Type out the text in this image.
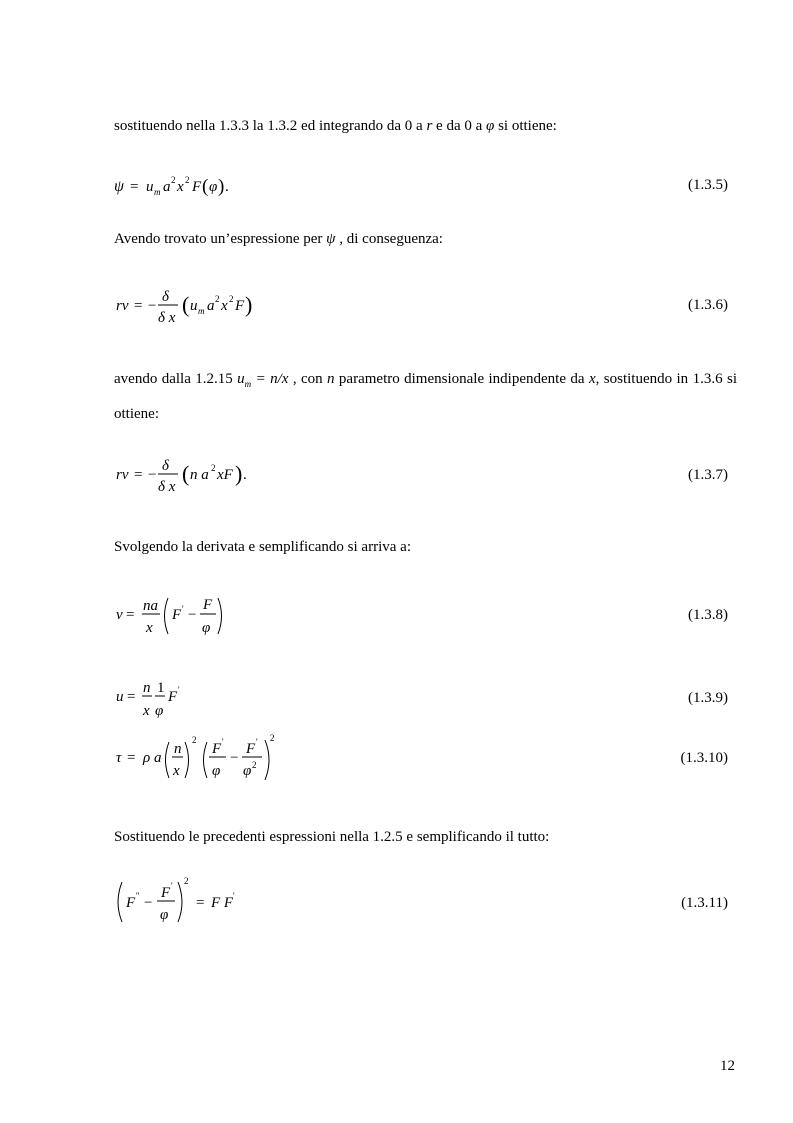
sostituendo nella 1.3.3 la 1.3.2 ed integrando da 0 a r e da 0 a φ si ottiene:
ψ = u m a 2 x 2 F ( φ ) .	(1.3.5)
Avendo trovato un’espressione per ψ , di conseguenza:
rv = −
δ
δ x
( u m a 2 x 2 F )	(1.3.6)
avendo dalla 1.2.15 $u_m = n/x$ , con n parametro dimensionale indipendente da x, sostituendo in 1.3.6 si ottiene:
rv = −
δ
δ x
( n a 2 xF ) .	(1.3.7)
Svolgendo la derivata e semplificando si arriva a:
v =
na
x
F ' −
F
φ
(1.3.8)
u =
n
x
1
φ
F '	(1.3.9)
τ = ρ a
n
x
2
F '
φ
−
F '
φ 2
2
(1.3.10)
Sostituendo le precedenti espressioni nella 1.2.5 e semplificando il tutto:
F '' −
F '
φ
2
= F F '	(1.3.11)
12
